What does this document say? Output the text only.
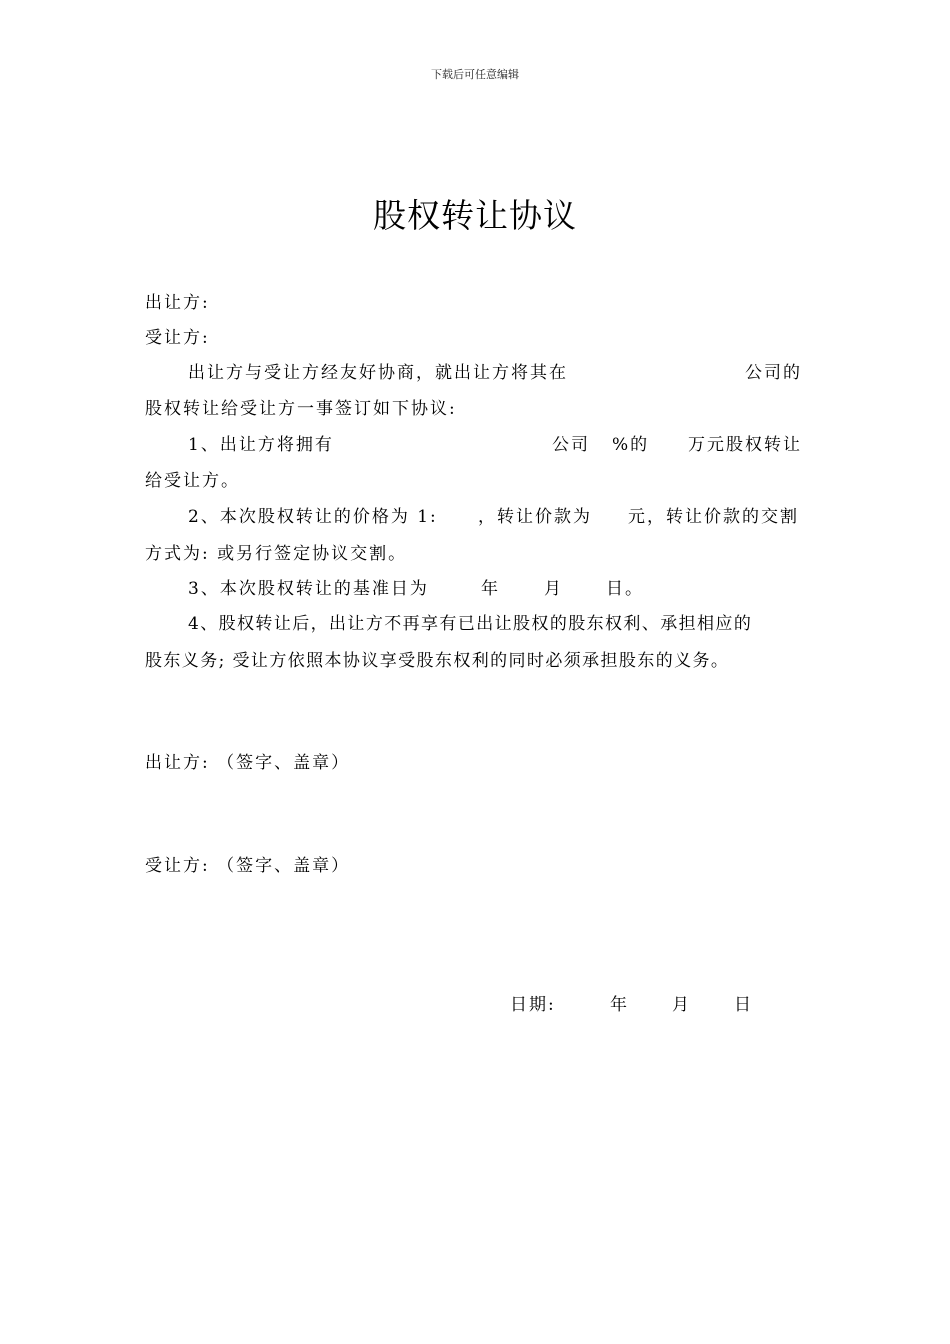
下载后可任意编辑
股权转让协议
出让方:
受让方:
出让方与受让方经友好协商，就出让方将其在	公司的
股权转让给受让方一事签订如下协议:
1、出让方将拥有	公司 %的 万元股权转让
给受让方。
2、本次股权转让的价格为 1: ，转让价款为 元，转让价款的交割
方式为: 或另行签定协议交割。
3、本次股权转让的基准日为	年	月	日。
4、股权转让后，出让方不再享有已出让股权的股东权利、承担相应的
股东义务; 受让方依照本协议享受股东权利的同时必须承担股东的义务。
出让方: （签字、盖章）
受让方: （签字、盖章）
日期:	年	月	日
